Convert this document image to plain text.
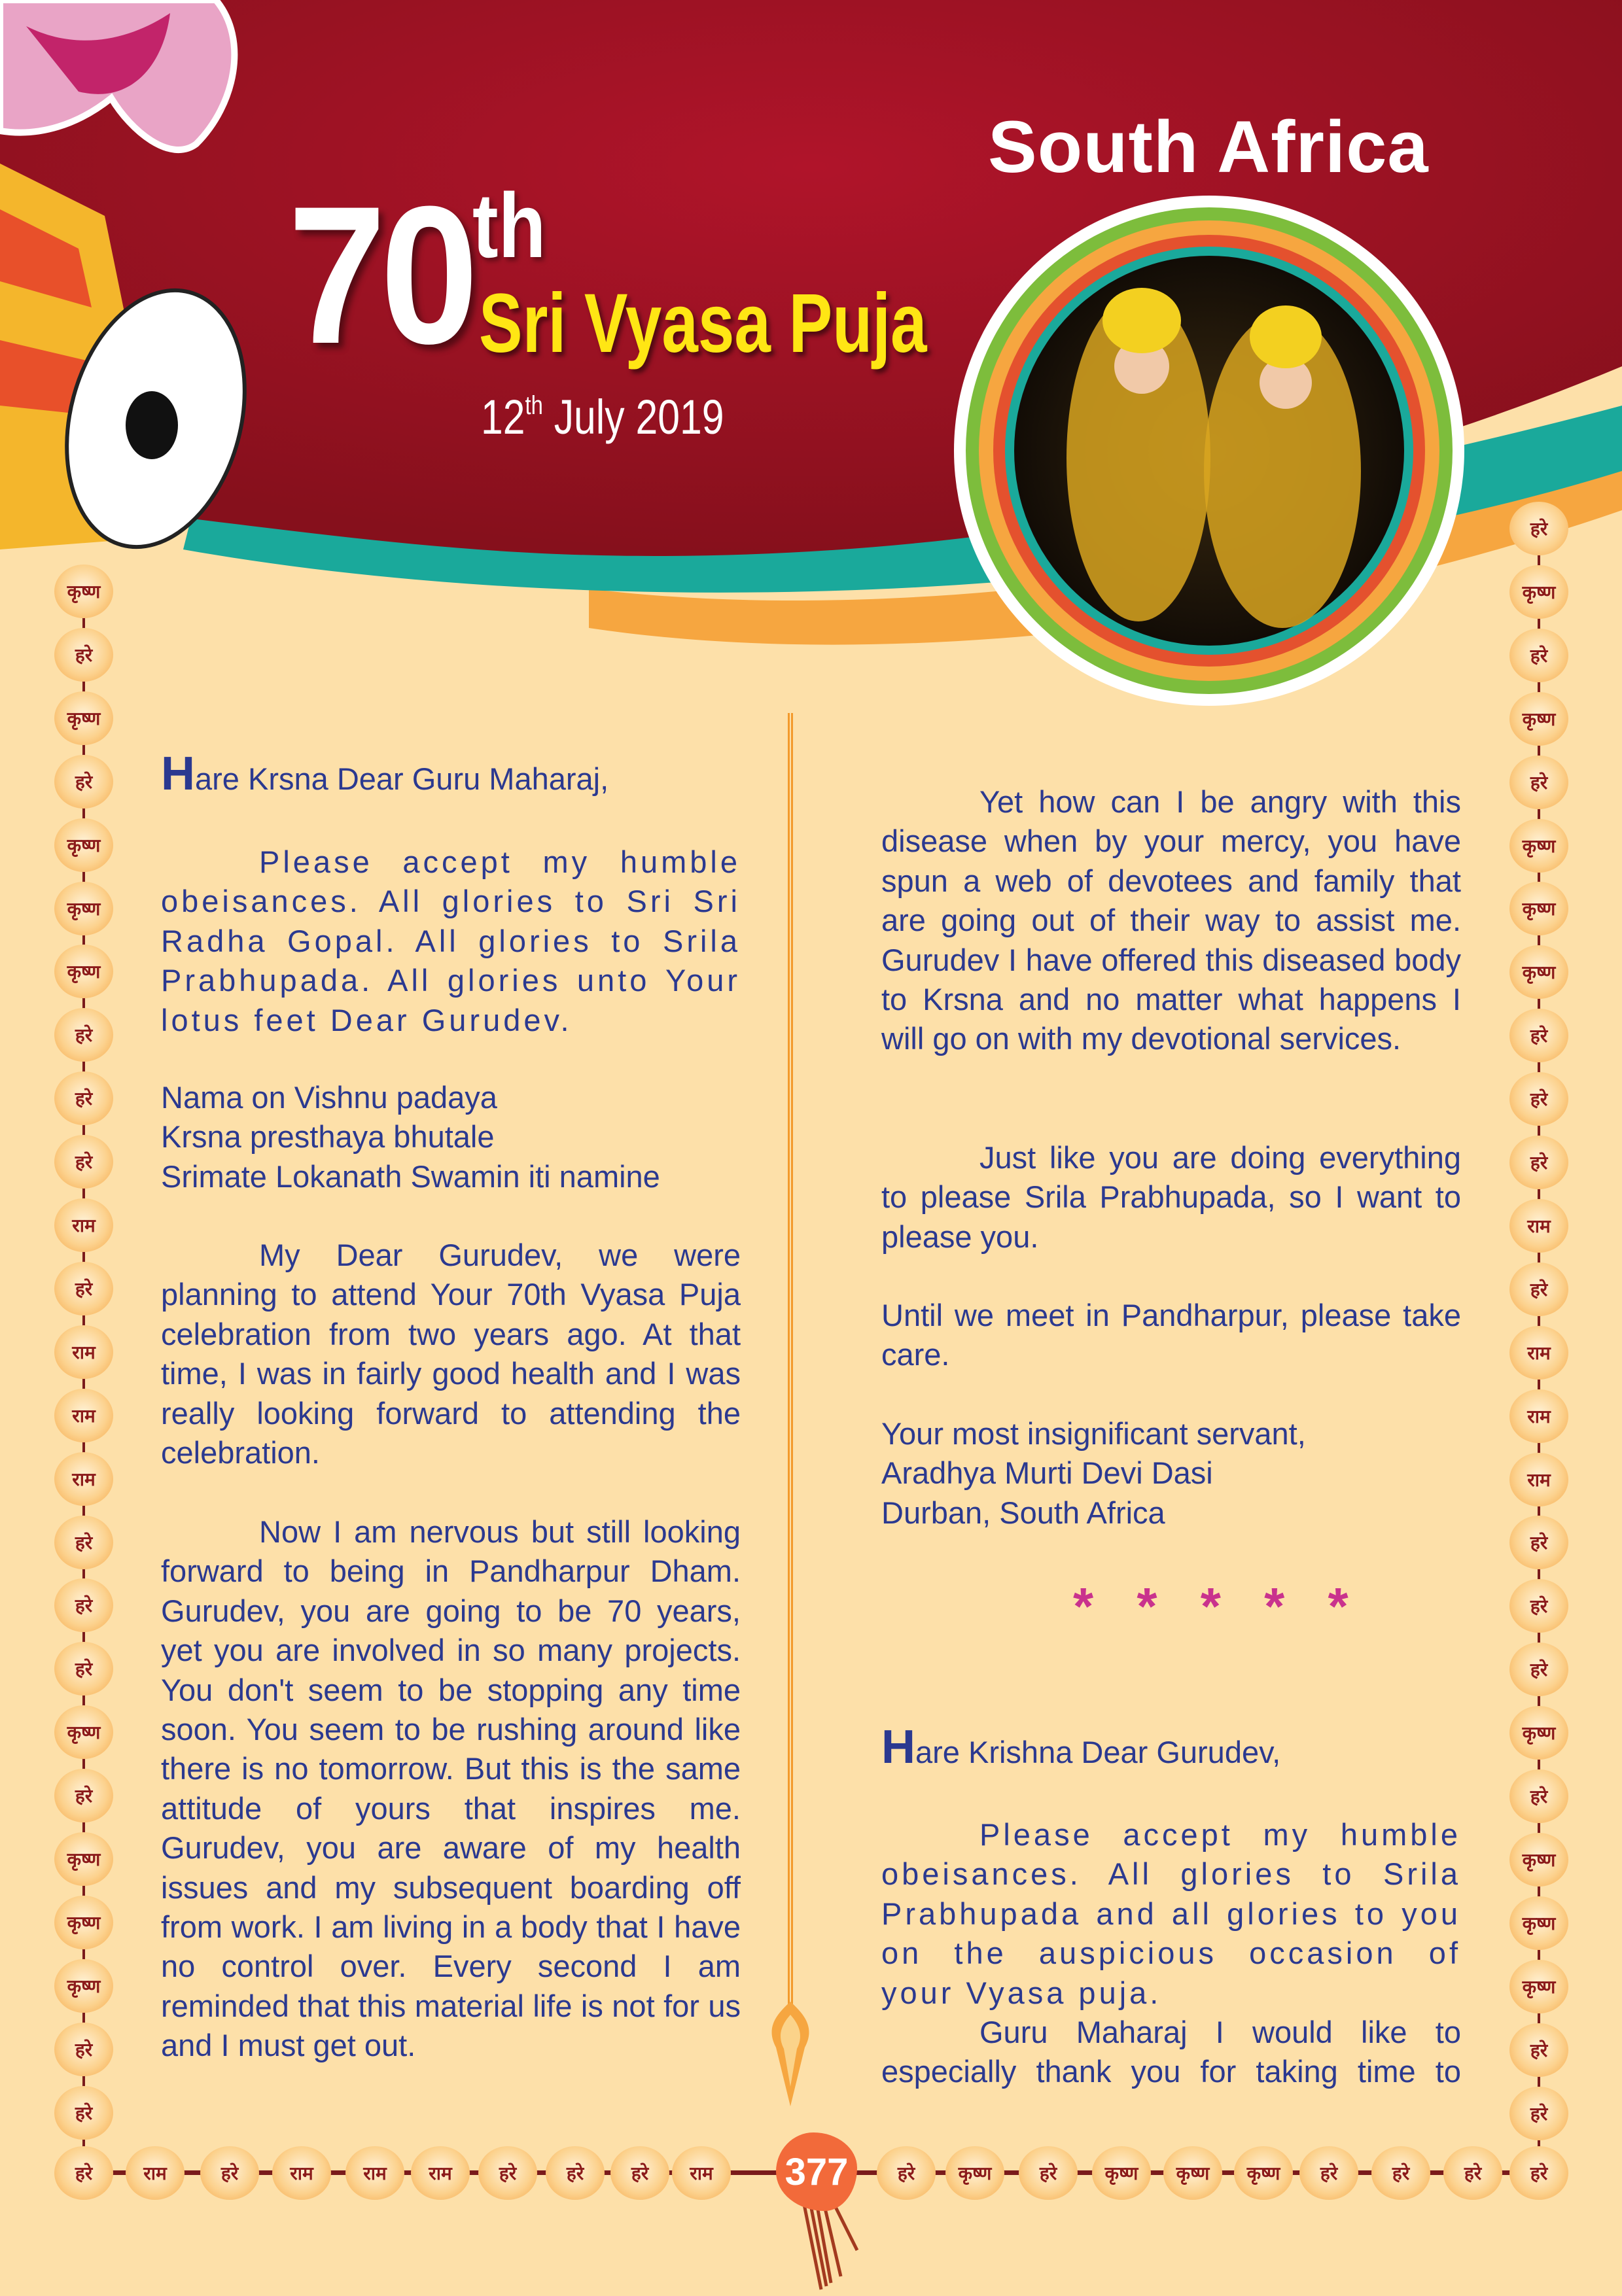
South Africa
70 th
Sri Vyasa Puja
12th July 2019

Hare Krsna Dear Guru Maharaj,

Please accept my humble obeisances. All glories to Sri Sri Radha Gopal. All glories to Srila Prabhupada. All glories unto Your lotus feet Dear Gurudev.

Nama on Vishnu padaya
Krsna presthaya bhutale
Srimate Lokanath Swamin iti namine

My Dear Gurudev, we were planning to attend Your 70th Vyasa Puja celebration from two years ago. At that time, I was in fairly good health and I was really looking forward to attending the celebration.

Now I am nervous but still looking forward to being in Pandharpur Dham. Gurudev, you are going to be 70 years, yet you are involved in so many projects. You don't seem to be stopping any time soon. You seem to be rushing around like there is no tomorrow. But this is the same attitude of yours that inspires me. Gurudev, you are aware of my health issues and my subsequent boarding off from work. I am living in a body that I have no control over. Every second I am reminded that this material life is not for us and I must get out.

Yet how can I be angry with this disease when by your mercy, you have spun a web of devotees and family that are going out of their way to assist me. Gurudev I have offered this diseased body to Krsna and no matter what happens I will go on with my devotional services.

Just like you are doing everything to please Srila Prabhupada, so I want to please you.

Until we meet in Pandharpur, please take care.

Your most insignificant servant,
Aradhya Murti Devi Dasi
Durban, South Africa

Hare Krishna Dear Gurudev,

Please accept my humble obeisances. All glories to Srila Prabhupada and all glories to you on the auspicious occasion of your Vyasa puja.

Guru Maharaj I would like to especially thank you for taking time to

* * * * *
कृष्ण
हरे
कृष्ण
हरे
कृष्ण
कृष्ण
कृष्ण
हरे
हरे
हरे
राम
हरे
राम
राम
राम
हरे
हरे
हरे
कृष्ण
हरे
कृष्ण
कृष्ण
कृष्ण
हरे
हरे
हरे
कृष्ण
हरे
कृष्ण
हरे
कृष्ण
कृष्ण
कृष्ण
हरे
हरे
हरे
राम
हरे
राम
राम
राम
हरे
हरे
हरे
कृष्ण
हरे
कृष्ण
कृष्ण
कृष्ण
हरे
हरे
हरे	राम	हरे	राम	राम	राम	हरे	हरे	हरे	राम	हरे	कृष्ण	हरे	कृष्ण	कृष्ण	कृष्ण	हरे	हरे	हरे	हरे
377
